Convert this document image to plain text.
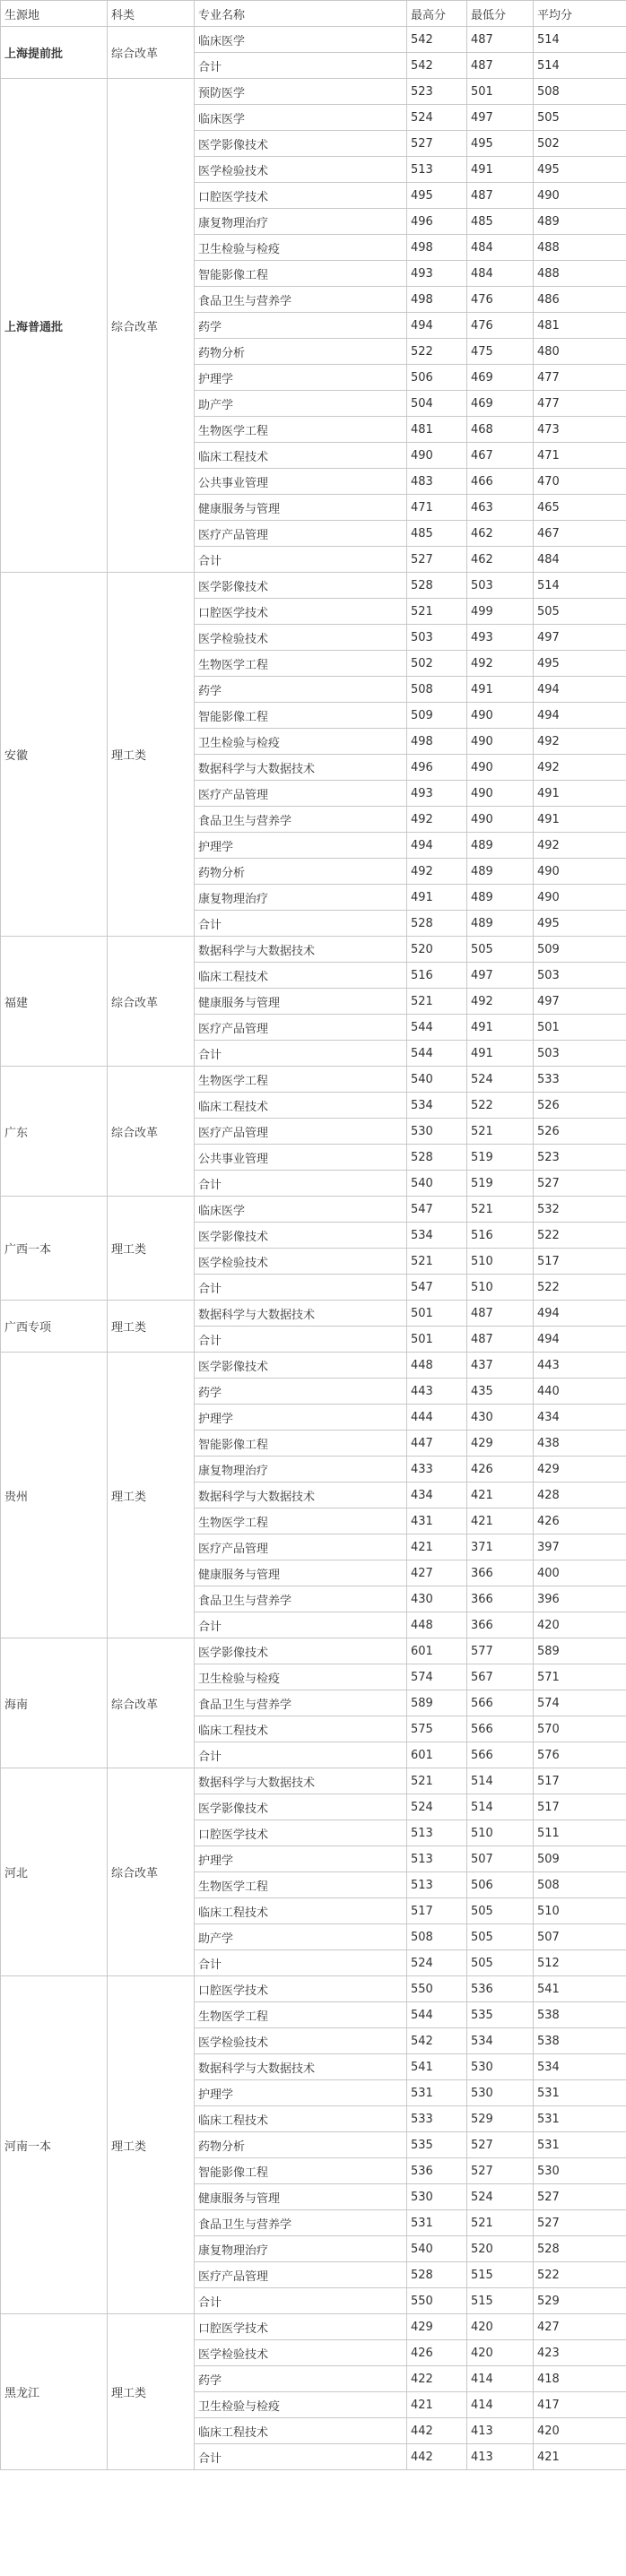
生源地	科类	专业名称	最高分	最低分	平均分
上海提前批	综合改革	临床医学	542	487	514
		合计	542	487	514
上海普通批	综合改革	预防医学	523	501	508
		临床医学	524	497	505
		医学影像技术	527	495	502
		医学检验技术	513	491	495
		口腔医学技术	495	487	490
		康复物理治疗	496	485	489
		卫生检验与检疫	498	484	488
		智能影像工程	493	484	488
		食品卫生与营养学	498	476	486
		药学	494	476	481
		药物分析	522	475	480
		护理学	506	469	477
		助产学	504	469	477
		生物医学工程	481	468	473
		临床工程技术	490	467	471
		公共事业管理	483	466	470
		健康服务与管理	471	463	465
		医疗产品管理	485	462	467
		合计	527	462	484
安徽	理工类	医学影像技术	528	503	514
		口腔医学技术	521	499	505
		医学检验技术	503	493	497
		生物医学工程	502	492	495
		药学	508	491	494
		智能影像工程	509	490	494
		卫生检验与检疫	498	490	492
		数据科学与大数据技术	496	490	492
		医疗产品管理	493	490	491
		食品卫生与营养学	492	490	491
		护理学	494	489	492
		药物分析	492	489	490
		康复物理治疗	491	489	490
		合计	528	489	495
福建	综合改革	数据科学与大数据技术	520	505	509
		临床工程技术	516	497	503
		健康服务与管理	521	492	497
		医疗产品管理	544	491	501
		合计	544	491	503
广东	综合改革	生物医学工程	540	524	533
		临床工程技术	534	522	526
		医疗产品管理	530	521	526
		公共事业管理	528	519	523
		合计	540	519	527
广西一本	理工类	临床医学	547	521	532
		医学影像技术	534	516	522
		医学检验技术	521	510	517
		合计	547	510	522
广西专项	理工类	数据科学与大数据技术	501	487	494
		合计	501	487	494
贵州	理工类	医学影像技术	448	437	443
		药学	443	435	440
		护理学	444	430	434
		智能影像工程	447	429	438
		康复物理治疗	433	426	429
		数据科学与大数据技术	434	421	428
		生物医学工程	431	421	426
		医疗产品管理	421	371	397
		健康服务与管理	427	366	400
		食品卫生与营养学	430	366	396
		合计	448	366	420
海南	综合改革	医学影像技术	601	577	589
		卫生检验与检疫	574	567	571
		食品卫生与营养学	589	566	574
		临床工程技术	575	566	570
		合计	601	566	576
河北	综合改革	数据科学与大数据技术	521	514	517
		医学影像技术	524	514	517
		口腔医学技术	513	510	511
		护理学	513	507	509
		生物医学工程	513	506	508
		临床工程技术	517	505	510
		助产学	508	505	507
		合计	524	505	512
河南一本	理工类	口腔医学技术	550	536	541
		生物医学工程	544	535	538
		医学检验技术	542	534	538
		数据科学与大数据技术	541	530	534
		护理学	531	530	531
		临床工程技术	533	529	531
		药物分析	535	527	531
		智能影像工程	536	527	530
		健康服务与管理	530	524	527
		食品卫生与营养学	531	521	527
		康复物理治疗	540	520	528
		医疗产品管理	528	515	522
		合计	550	515	529
黑龙江	理工类	口腔医学技术	429	420	427
		医学检验技术	426	420	423
		药学	422	414	418
		卫生检验与检疫	421	414	417
		临床工程技术	442	413	420
		合计	442	413	421
